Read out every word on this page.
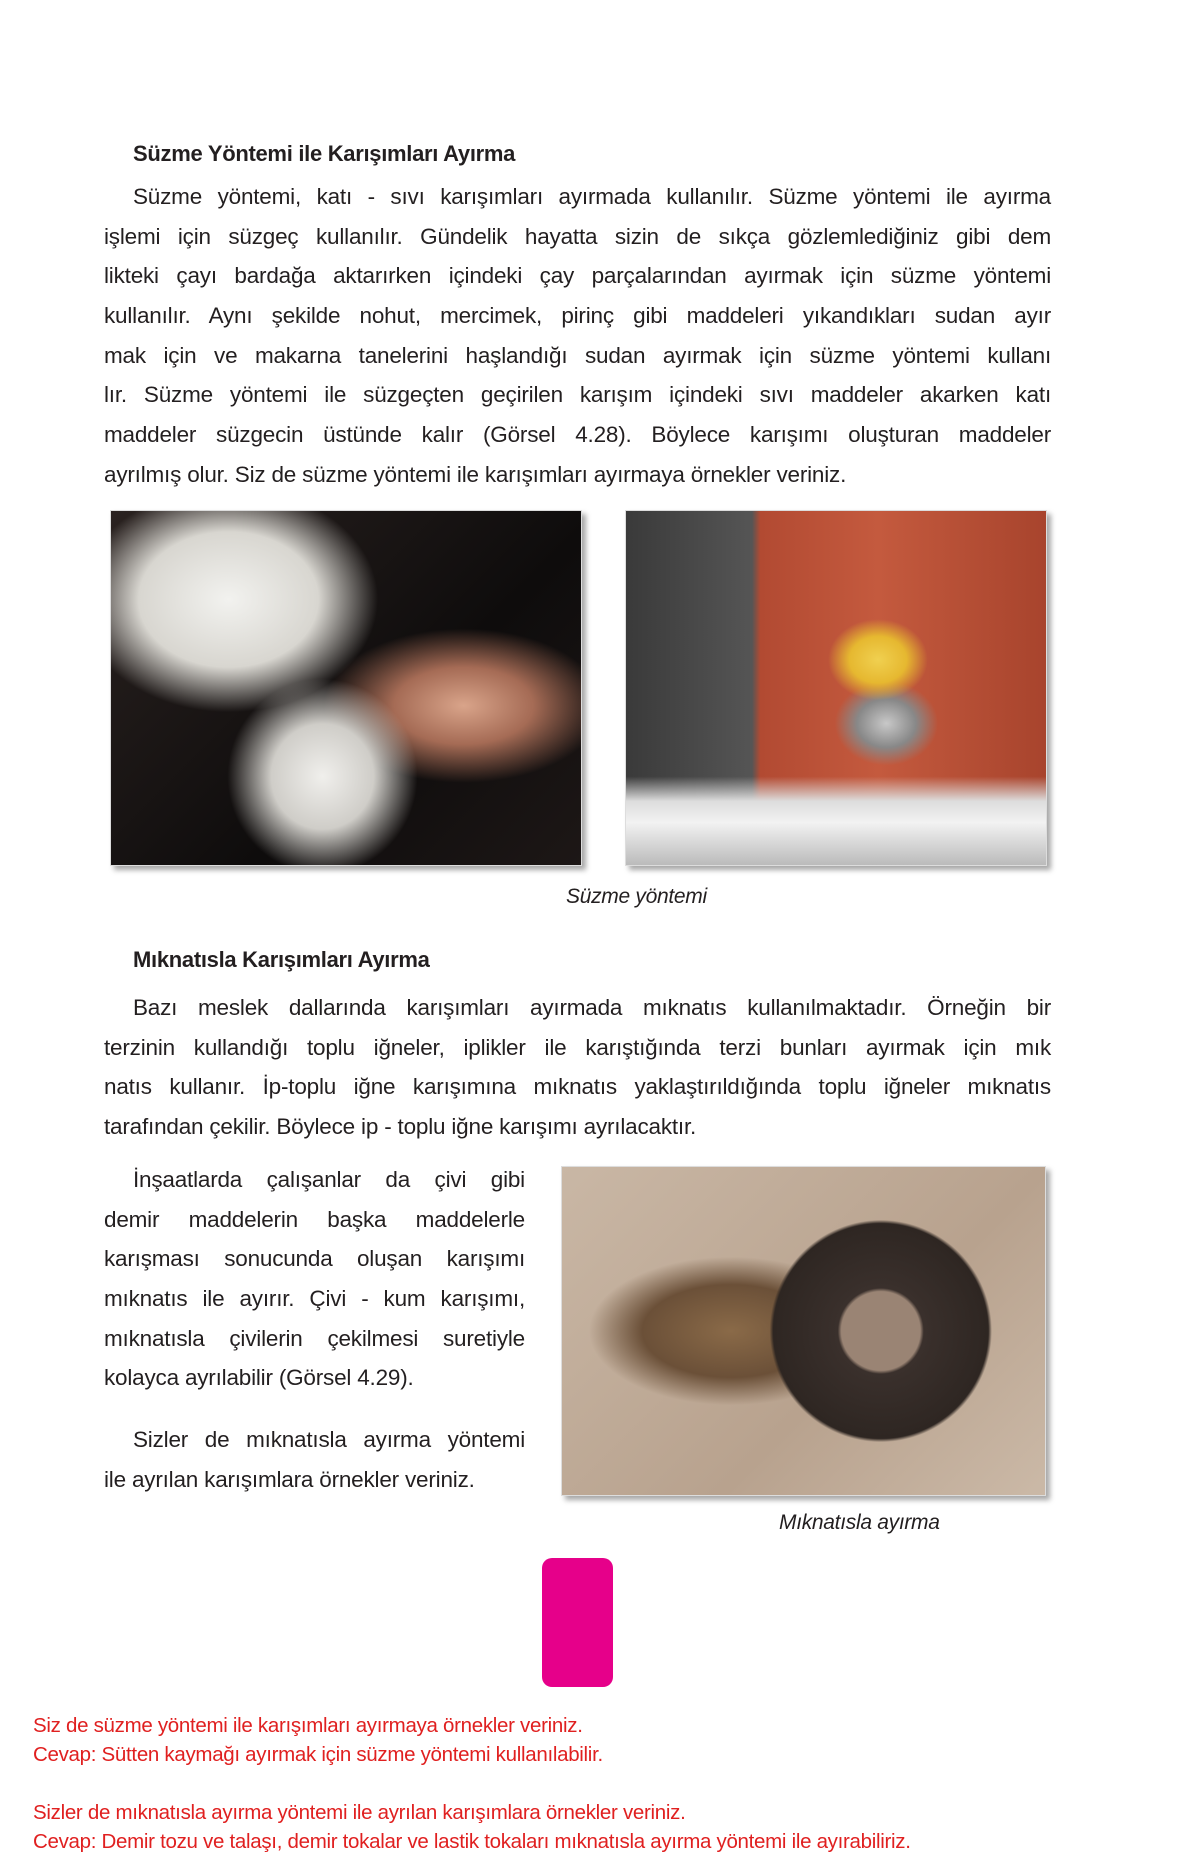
Süzme Yöntemi ile Karışımları Ayırma
Süzme yöntemi, katı - sıvı karışımları ayırmada kullanılır. Süzme yöntemi ile ayırma
işlemi için süzgeç kullanılır. Gündelik hayatta sizin de sıkça gözlemlediğiniz gibi dem
likteki çayı bardağa aktarırken içindeki çay parçalarından ayırmak için süzme yöntemi
kullanılır. Aynı şekilde nohut, mercimek, pirinç gibi maddeleri yıkandıkları sudan ayır
mak için ve makarna tanelerini haşlandığı sudan ayırmak için süzme yöntemi kullanı
lır. Süzme yöntemi ile süzgeçten geçirilen karışım içindeki sıvı maddeler akarken katı
maddeler süzgecin üstünde kalır (Görsel 4.28). Böylece karışımı oluşturan maddeler
ayrılmış olur. Siz de süzme yöntemi ile karışımları ayırmaya örnekler veriniz.
Süzme yöntemi
Mıknatısla Karışımları Ayırma
Bazı meslek dallarında karışımları ayırmada mıknatıs kullanılmaktadır. Örneğin bir
terzinin kullandığı toplu iğneler, iplikler ile karıştığında terzi bunları ayırmak için mık
natıs kullanır. İp-toplu iğne karışımına mıknatıs yaklaştırıldığında toplu iğneler mıknatıs
tarafından çekilir. Böylece ip - toplu iğne karışımı ayrılacaktır.
İnşaatlarda çalışanlar da çivi gibi
demir maddelerin başka maddelerle
karışması sonucunda oluşan karışımı
mıknatıs ile ayırır. Çivi - kum karışımı,
mıknatısla çivilerin çekilmesi suretiyle
kolayca ayrılabilir (Görsel 4.29).
Sizler de mıknatısla ayırma yöntemi
ile ayrılan karışımlara örnekler veriniz.
Mıknatısla ayırma
Siz de süzme yöntemi ile karışımları ayırmaya örnekler veriniz.
Cevap: Sütten kaymağı ayırmak için süzme yöntemi kullanılabilir.
Sizler de mıknatısla ayırma yöntemi ile ayrılan karışımlara örnekler veriniz.
Cevap: Demir tozu ve talaşı, demir tokalar ve lastik tokaları mıknatısla ayırma yöntemi ile ayırabiliriz.
